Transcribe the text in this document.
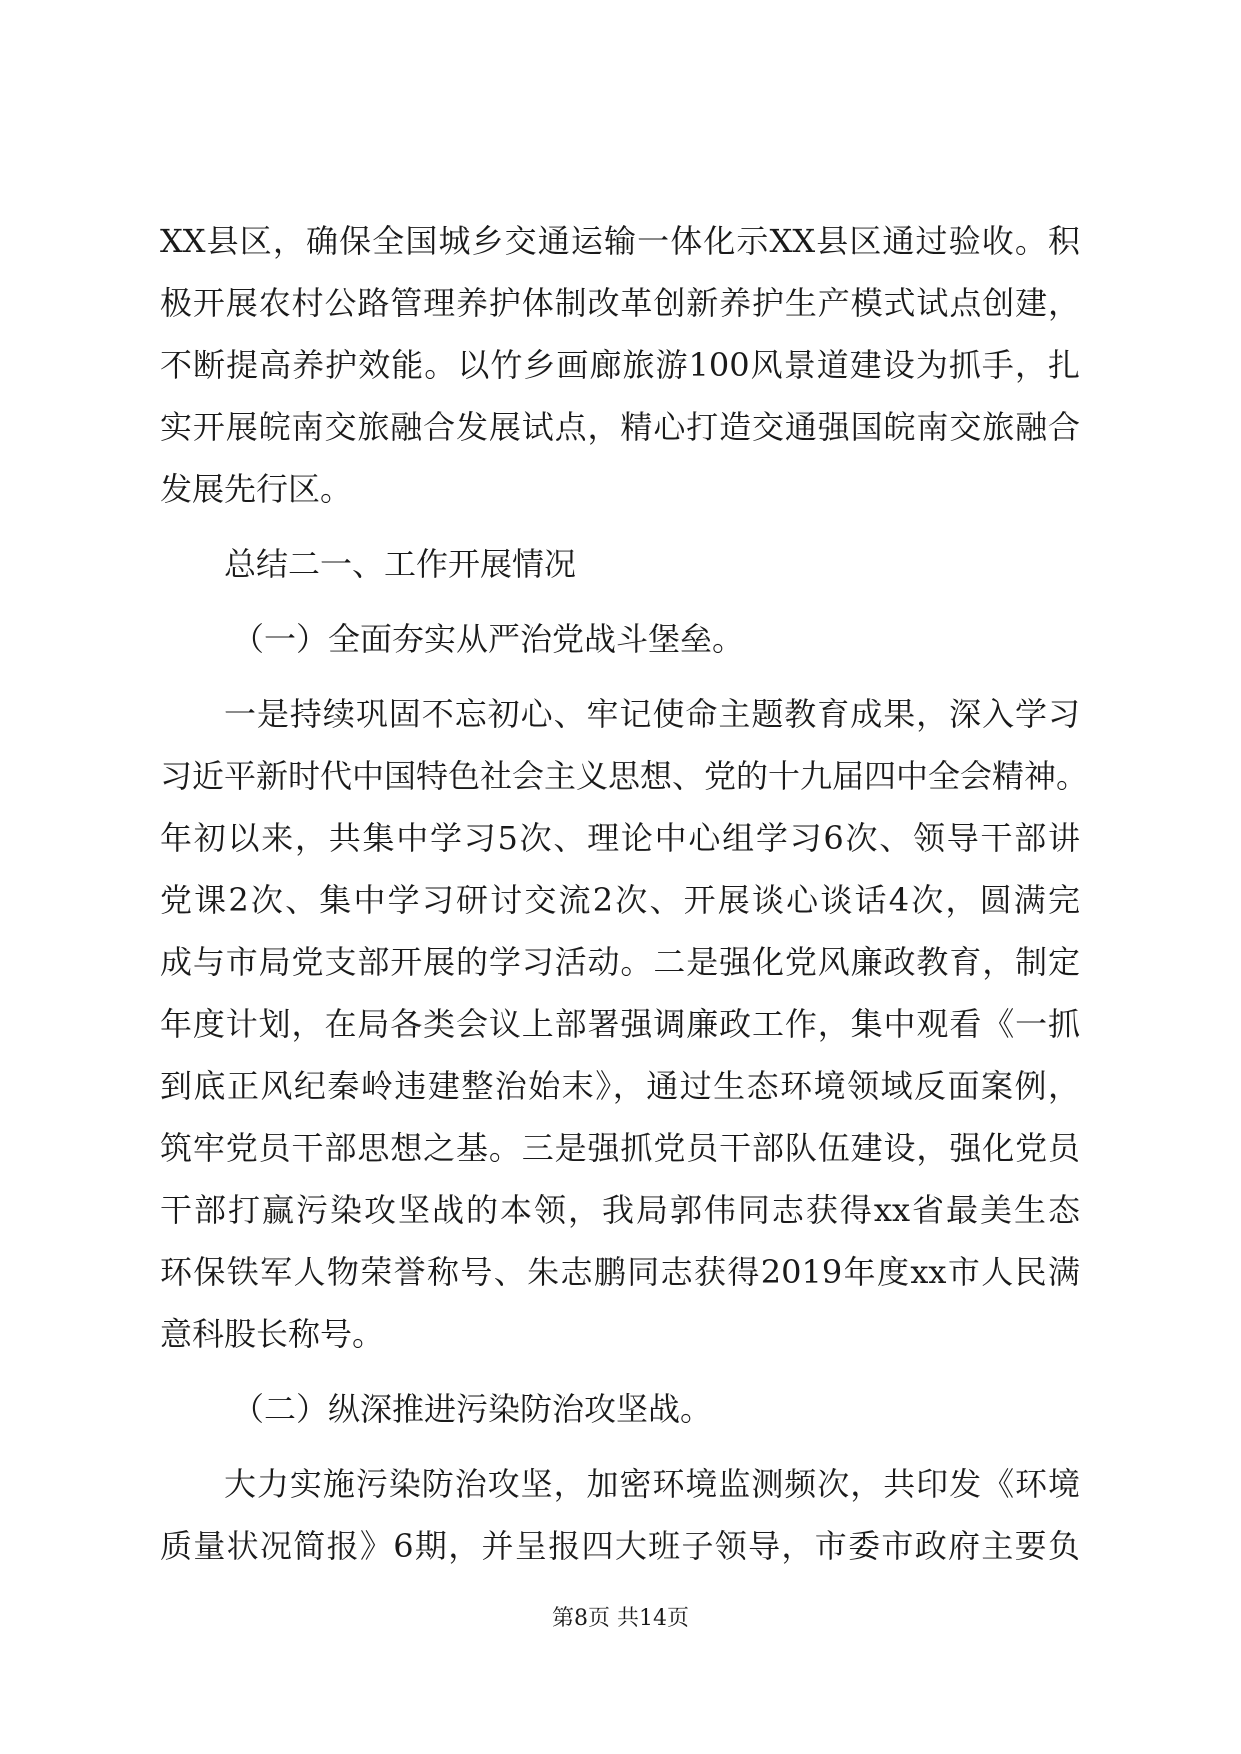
XX县区，确保全国城乡交通运输一体化示XX县区通过验收。积
极开展农村公路管理养护体制改革创新养护生产模式试点创建，
不断提高养护效能。以竹乡画廊旅游100风景道建设为抓手，扎
实开展皖南交旅融合发展试点，精心打造交通强国皖南交旅融合
发展先行区。
总结二一、工作开展情况
（一）全面夯实从严治党战斗堡垒。
一是持续巩固不忘初心、牢记使命主题教育成果，深入学习
习近平新时代中国特色社会主义思想、党的十九届四中全会精神。
年初以来，共集中学习5次、理论中心组学习6次、领导干部讲
党课2次、集中学习研讨交流2次、开展谈心谈话4次，圆满完
成与市局党支部开展的学习活动。二是强化党风廉政教育，制定
年度计划，在局各类会议上部署强调廉政工作，集中观看《一抓
到底正风纪秦岭违建整治始末》，通过生态环境领域反面案例，
筑牢党员干部思想之基。三是强抓党员干部队伍建设，强化党员
干部打赢污染攻坚战的本领，我局郭伟同志获得xx省最美生态
环保铁军人物荣誉称号、朱志鹏同志获得2019年度xx市人民满
意科股长称号。
（二）纵深推进污染防治攻坚战。
大力实施污染防治攻坚，加密环境监测频次，共印发《环境
质量状况简报》6期，并呈报四大班子领导，市委市政府主要负
第8页 共14页
